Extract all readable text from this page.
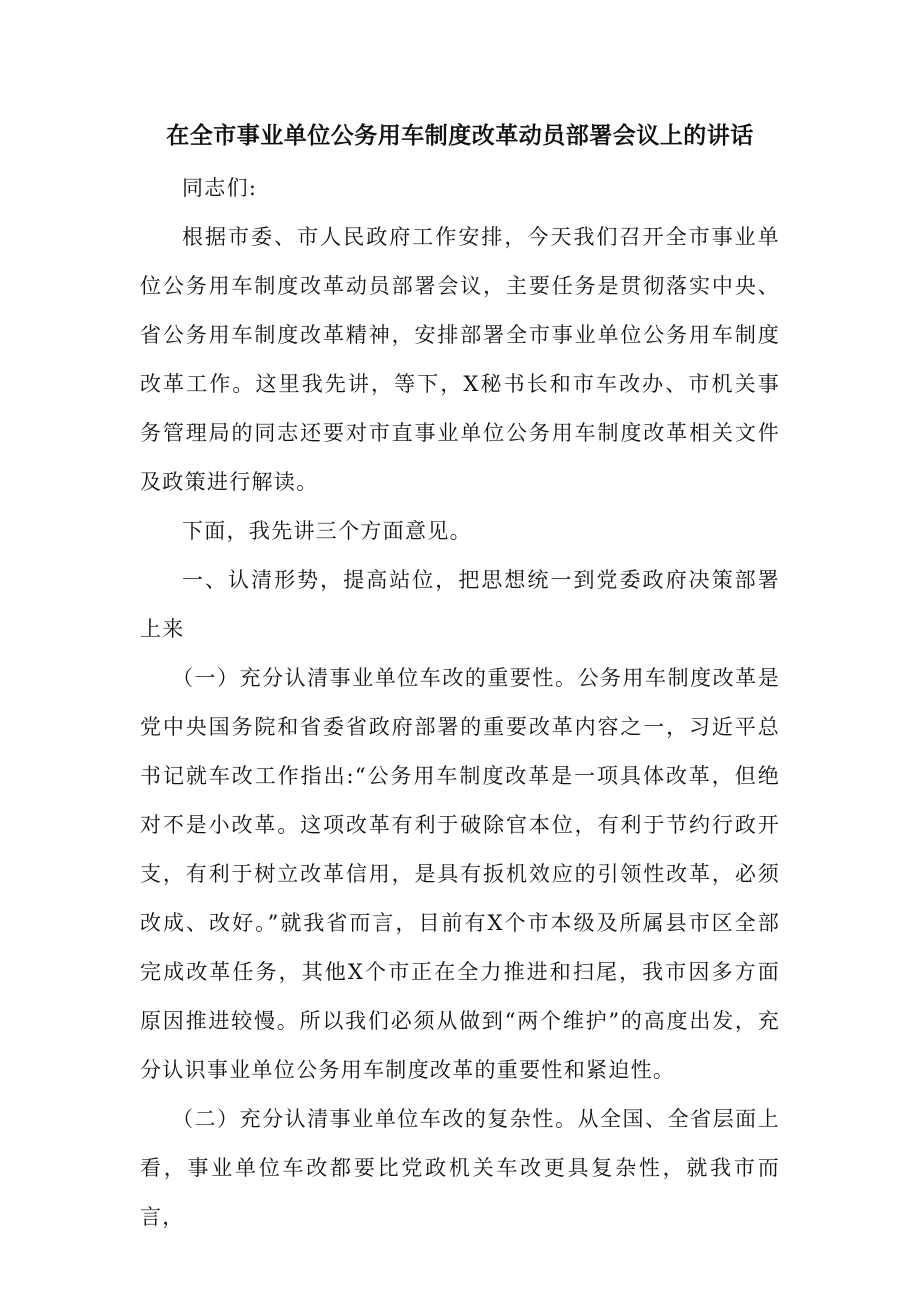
在全市事业单位公务用车制度改革动员部署会议上的讲话

同志们:

根据市委、市人民政府工作安排，今天我们召开全市事业单位公务用车制度改革动员部署会议，主要任务是贯彻落实中央、省公务用车制度改革精神，安排部署全市事业单位公务用车制度改革工作。这里我先讲，等下，X秘书长和市车改办、市机关事务管理局的同志还要对市直事业单位公务用车制度改革相关文件及政策进行解读。

下面，我先讲三个方面意见。

一、认清形势，提高站位，把思想统一到党委政府决策部署上来

（一）充分认清事业单位车改的重要性。公务用车制度改革是党中央国务院和省委省政府部署的重要改革内容之一，习近平总书记就车改工作指出:“公务用车制度改革是一项具体改革，但绝对不是小改革。这项改革有利于破除官本位，有利于节约行政开支，有利于树立改革信用，是具有扳机效应的引领性改革，必须改成、改好。”就我省而言，目前有X个市本级及所属县市区全部完成改革任务，其他X个市正在全力推进和扫尾，我市因多方面原因推进较慢。所以我们必须从做到“两个维护”的高度出发，充分认识事业单位公务用车制度改革的重要性和紧迫性。

（二）充分认清事业单位车改的复杂性。从全国、全省层面上看，事业单位车改都要比党政机关车改更具复杂性，就我市而言，
